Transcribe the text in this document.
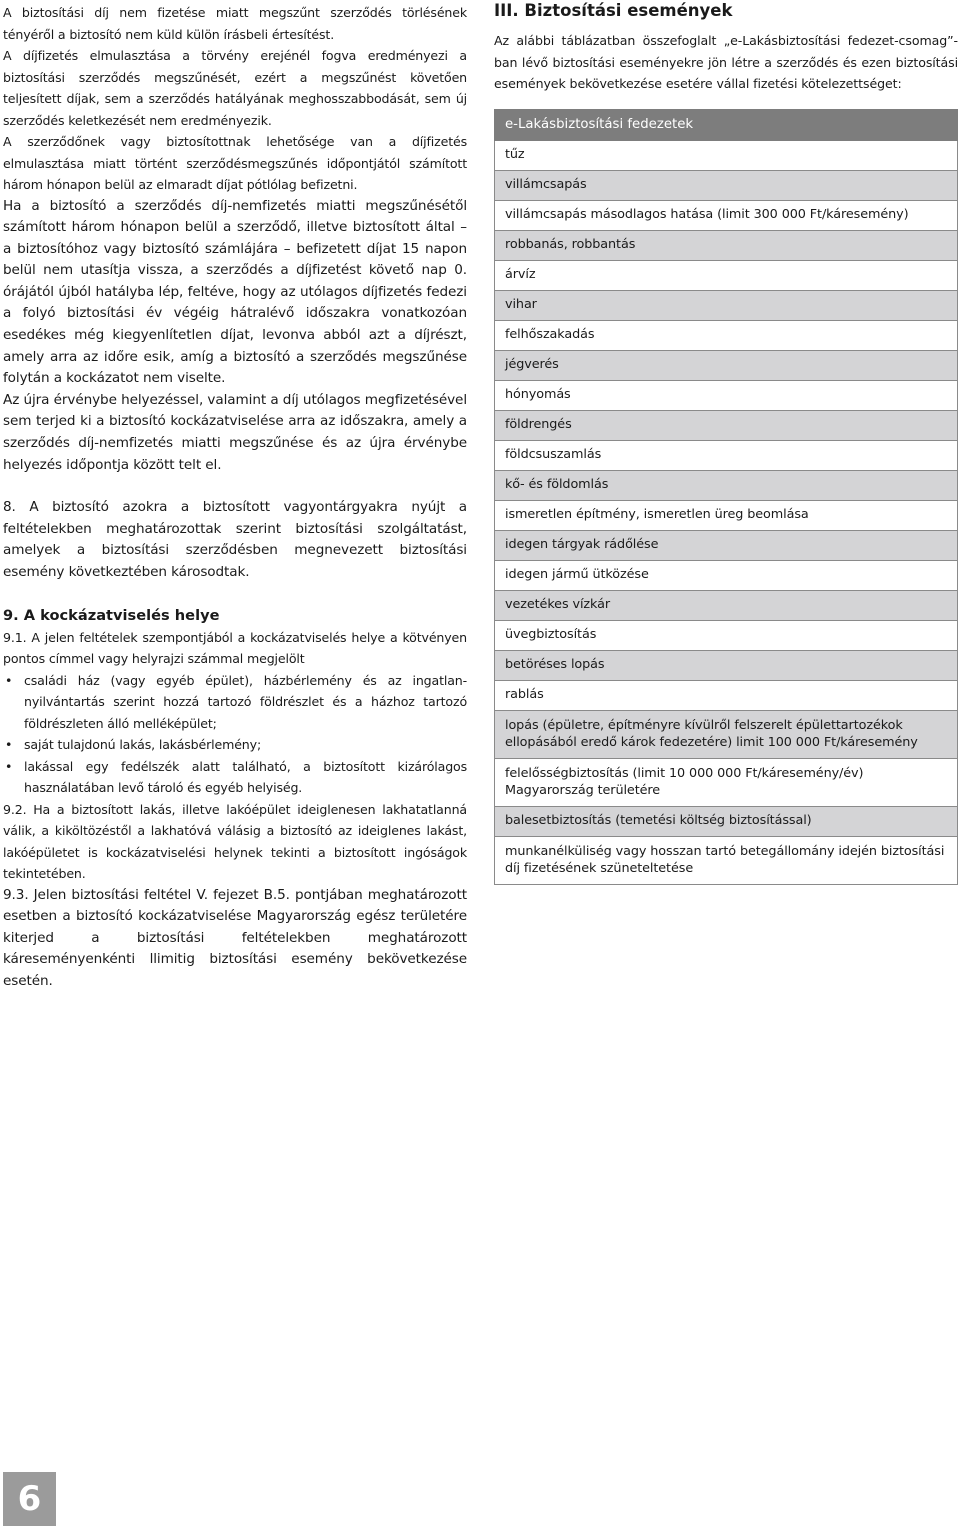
A biztosítási díj nem fizetése miatt megszűnt szerződés törlésének tényéről a biztosító nem küld külön írásbeli értesítést.

A díjfizetés elmulasztása a törvény erejénél fogva eredményezi a biztosítási szerződés megszűnését, ezért a megszűnést követően teljesített díjak, sem a szerződés hatályának meghosszabbodását, sem új szerződés keletkezését nem eredményezik.

A szerződőnek vagy biztosítottnak lehetősége van a díjfizetés elmulasztása miatt történt szerződésmegszűnés időpontjától számított három hónapon belül az elmaradt díjat pótlólag befizetni.

Ha a biztosító a szerződés díj-nemfizetés miatti megszűnésétől számított három hónapon belül a szerződő, illetve biztosított által – a biztosítóhoz vagy biztosító számlájára – befizetett díjat 15 napon belül nem utasítja vissza, a szerződés a díjfizetést követő nap 0. órájától újból hatályba lép, feltéve, hogy az utólagos díjfizetés fedezi a folyó biztosítási év végéig hátralévő időszakra vonatkozóan esedékes még kiegyenlítetlen díjat, levonva abból azt a díjrészt, amely arra az időre esik, amíg a biztosító a szerződés megszűnése folytán a kockázatot nem viselte.

Az újra érvénybe helyezéssel, valamint a díj utólagos megfizetésével sem terjed ki a biztosító kockázatviselése arra az időszakra, amely a szerződés díj-nemfizetés miatti megszűnése és az újra érvénybe helyezés időpontja között telt el.

8. A biztosító azokra a biztosított vagyontárgyakra nyújt a feltételekben meghatározottak szerint biztosítási szolgáltatást, amelyek a biztosítási szerződésben megnevezett biztosítási esemény következtében károsodtak.

9. A kockázatviselés helye

9.1. A jelen feltételek szempontjából a kockázatviselés helye a kötvényen pontos címmel vagy helyrajzi számmal megjelölt

• családi ház (vagy egyéb épület), házbérlemény és az ingatlan-nyilvántartás szerint hozzá tartozó földrészlet és a házhoz tartozó földrészleten álló melléképület;
• saját tulajdonú lakás, lakásbérlemény;
• lakással egy fedélszék alatt található, a biztosított kizárólagos használatában levő tároló és egyéb helyiség.

9.2. Ha a biztosított lakás, illetve lakóépület ideiglenesen lakhatatlanná válik, a kiköltözéstől a lakhatóvá válásig a biztosító az ideiglenes lakást, lakóépületet is kockázatviselési helynek tekinti a biztosított ingóságok tekintetében.

9.3. Jelen biztosítási feltétel V. fejezet B.5. pontjában meghatározott esetben a biztosító kockázatviselése Magyarország egész területére kiterjed a biztosítási feltételekben meghatározott káreseményenkénti llimitig biztosítási esemény bekövetkezése esetén.

III. Biztosítási események

Az alábbi táblázatban összefoglalt „e-Lakásbiztosítási fedezet-csomag”-ban lévő biztosítási eseményekre jön létre a szerződés és ezen biztosítási események bekövetkezése esetére vállal fizetési kötelezettséget:

e-Lakásbiztosítási fedezetek
tűz
villámcsapás
villámcsapás másodlagos hatása (limit 300 000 Ft/káresemény)
robbanás, robbantás
árvíz
vihar
felhőszakadás
jégverés
hónyomás
földrengés
földcsuszamlás
kő- és földomlás
ismeretlen építmény, ismeretlen üreg beomlása
idegen tárgyak rádőlése
idegen jármű ütközése
vezetékes vízkár
üvegbiztosítás
betöréses lopás
rablás
lopás (épületre, építményre kívülről felszerelt épülettartozékok ellopásából eredő károk fedezetére) limit 100 000 Ft/káresemény
felelősségbiztosítás (limit 10 000 000 Ft/káresemény/év) Magyarország területére
balesetbiztosítás (temetési költség biztosítással)
munkanélküliség vagy hosszan tartó betegállomány idején biztosítási díj fizetésének szüneteltetése
6
